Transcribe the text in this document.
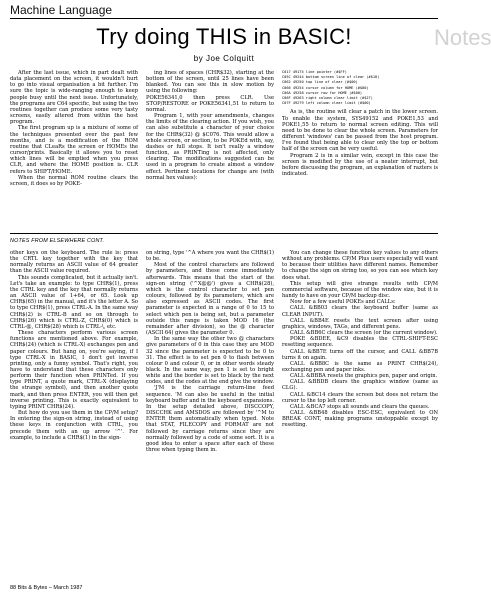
Machine Language
Try doing THIS in BASIC!
by Joe Colquitt
Notes

After the last issue, which in part dealt with data placement on the screen, it wouldn't hurt to go into visual organisation a bit further. I'm sure the topic is wide-ranging enough to keep people busy until the next issue. Unfortunately, the programs are C64 specific, but using the two routines together can produce some very tasty screens, easily altered from within the host program.

The first program up is a mixture of some of the techniques presented over the past few months, and is a modification of the ROM routine that CLeaRs the screen or HOMEs the cursor/prints. Basically it allows you to reset which lines will be emptied when you press CLR, and where the HOME position is. CLR refers to SHIFT/HOME.

When the normal ROM routine clears the screen, it does so by POKE-

ing lines of spaces (CHR$32), starting at the bottom of the screen, until 25 lines have been blanked. You can see this in slow motion by using the following:

POKE56341,0 then press CLR. Use STOP/RESTORE or POKE56341,51 to return to normal.

Program 1, with your amendments, changes the limits of the clearing action. If you wish, you can also substitute a character of your choice for the CHR$(32) @ $C076. This would allow a whole screen, or section, to be POKEd with, say, dashes or full stops. It isn't really a window function, as PRINTing is not affected, only clearing. The modifications suggested can be used in a program to create almost a window effect. Pertinent locations for change are (with normal hex values):

C017 49175 line pointer (#$FF)
C05C 49244 bottom screen line of clear (#$18)
C062 49250 top line of clear (#$00)
C066 49254 cursor column for HOME (#$00)
C06A 49258 cursor row for HOME (#$00)
C06F 49263 right column clear limit (#$27)
C07F 49279 left column clear limit (#$00)

As is, the routine will clear a patch in the lower screen. To enable the system, SYS49152 and POKE1,53 and POKE1,55 to return to normal screen editing. This will need to be done to clear the whole screen. Parameters for different 'windows' can be passed from the host program. I've found that being able to clear only the top or bottom half of the screen can be very useful.

Program 2 is in a similar vein, except in this case the screen is modified by the use of a neater interrupt, but before discussing the program, an explanation of razters is indicated.

NOTES FROM ELSEWHERE CONT.

other keys on the keyboard. The rule is: press the CRTL key together with the key that normally returns an ASCII value of 64 greater than the ASCII value required.

This sounds complicated, but it actually isn't. Let's take an example: to type CHR$(1), press the CTRL key and the key that normally returns an ASCII value of 1+64, or 65. Look up CHR$(65) in the manual, and it's the letter A. So to type CHR$(1), press CTRL-A. In the same way CHR$(2) is CTRL-B and so on through to CHR$(26) which is CTRL-Z, CHR$(0) which is CTRL-@, CHR$(28) which is CTRL-\, etc.

These characters perform various screen functions are mentioned above. For example, CHR$(24) (which is CTRL-X) exchanges pen and paper colours. But hang on, you're saying, if I type CTRL-X in BASIC, I don't get inverse printing, only a funny symbol. That's right, you have to understand that these characters only perform their function when PRINTed. If you type PRINT, a quote mark, CTRL-X (displaying the strange symbol), and then another quote mark, and then press ENTER, you will then get inverse printing. This is exactly equivalent to typing PRINT CHR$(24).

But how do you use them in the CP/M setup? In entering the sign-on string, instead of using these keys in conjunction with CTRL, you precede them with an up arrow '^'. For example, to include a CHR$(1) in the sign-

on string, type '^A where you want the CHR$(1) to be.

Most of the control characters are followed by parameters, and these come immediately afterwards. This means that the start of the sign-on string ('^X@@') gives a CHR$(28), which is the control character to set pen colours, followed by its parameters, which are also expressed as ASCII codes. The first parameter is expected in a range of 0 to 15 to select which pen is being set, but a parameter outside this range is taken MOD 16 (the remainder after division), so the @ character (ASCII 64) gives the parameter 0.

In the same way the other two @ characters give parameters of 0 in this case they are MOD 32 since the parameter is expected to be 0 to 31. The effect is to set pen 0 to flash between colour 0 and colour 0, or in other words steady black. In the same way, pen 1 is set to bright white and the border is set to black by the next codes, and the codes at the end give the window.

'J'M is the carriage return-line feed sequence. 'M can also be useful in the initial keyboard buffer and in the keyboard expansions. In the setup detailed above, DISCCOPY, DISCCHK and AMSDOS are followed by '^M to ENTER them automatically when typed. Note that STAT, FILECOPY and FORMAT are not followed by carriage returns since they are normally followed by a code of some sort. It is a good idea to enter a space after each of these three when typing them in.

You can change these function key values to any others without any problems. CP/M Plus users especially will want to because their utilities have different names. Remember to change the sign on string too, so you can see which key does what.

This setup will give strange results with CP/M commercial software, because of the window size, but it is handy to have on your CP/M backup disc.

Now for a few useful POKEs and CALLs:

CALL &BB03 clears the keyboard buffer (same as CLEAR INPUT).

CALL &BB4E resets the text screen after using graphics, windows, TAGs, and different pens.

CALL &BB6C clears the screen (or the current window).

POKE &BDEE, &C9 disables the CTRL-SHIFT-ESC resetting sequence.

CALL &BB7E turns off the cursor, and CALL &BB7B turns it on again.

CALL &BB8C is the same as PRINT CHR$(24), exchanging pen and paper inks.

CALL &BBBA resets the graphics pen, paper and origin.

CALL &BBDB clears the graphics window (same as CLG).

CALL &BC14 clears the screen but does not return the cursor to the top left corner.

CALL &BCA7 stops all sounds and clears the queues.

CALL &BB48 disables ESC-ESC, equivalent to ON BREAK CONT, making programs unstoppable except by resetting.

88 Bits & Bytes – March 1987
